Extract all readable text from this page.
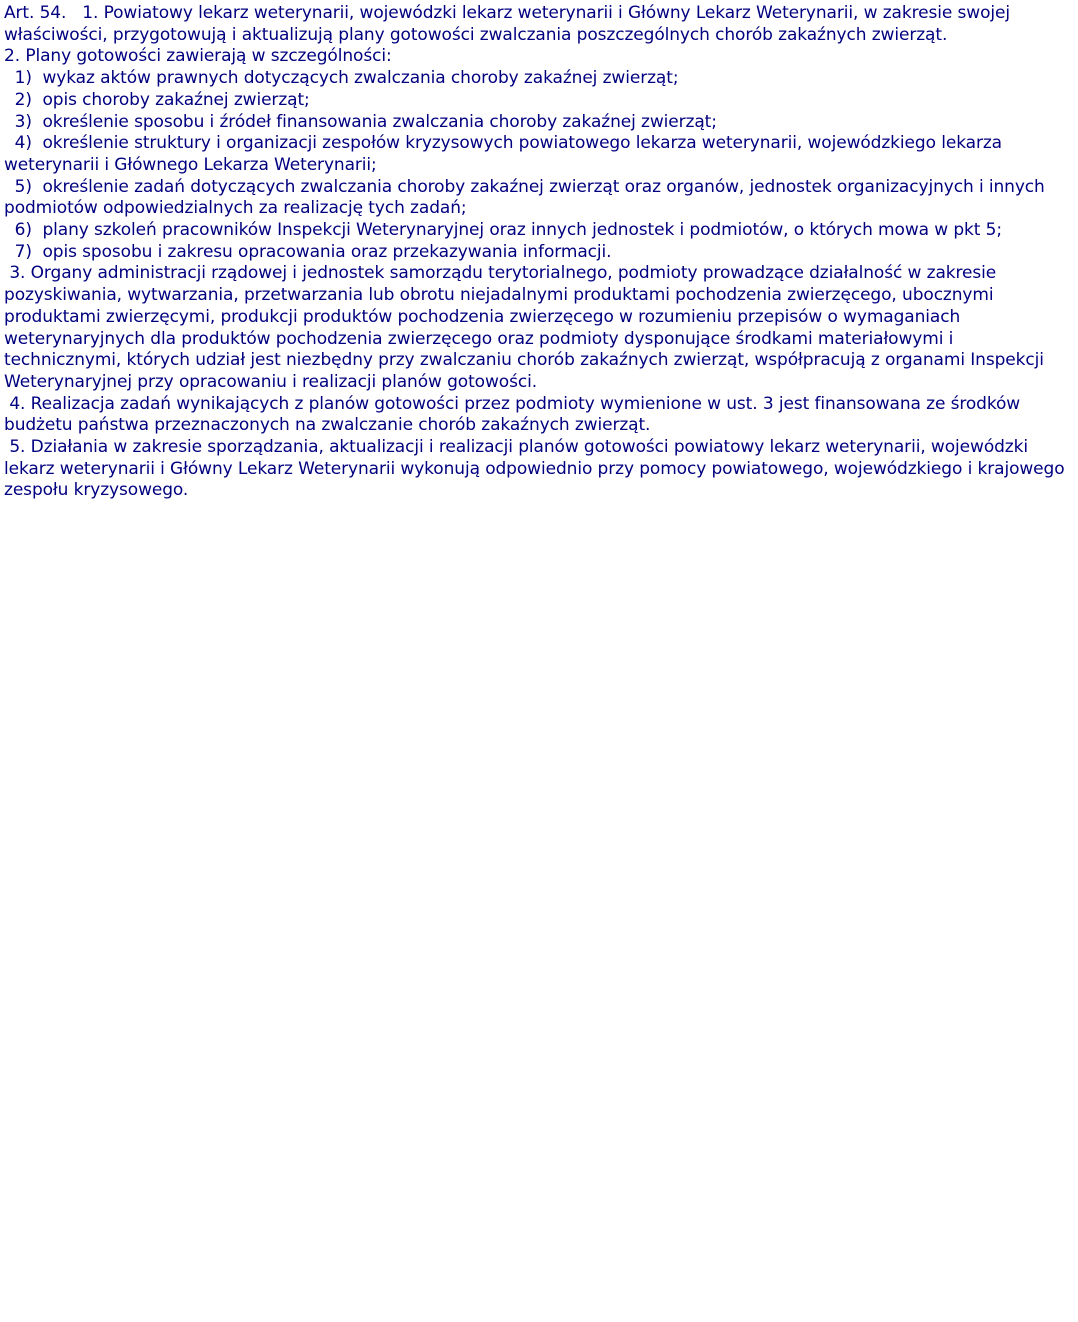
Art. 54.   1. Powiatowy lekarz weterynarii, wojewódzki lekarz weterynarii i Główny Lekarz Weterynarii, w zakresie swojej właściwości, przygotowują i aktualizują plany gotowości zwalczania poszczególnych chorób zakaźnych zwierząt.

2. Plany gotowości zawierają w szczególności:

1)  wykaz aktów prawnych dotyczących zwalczania choroby zakaźnej zwierząt;

2)  opis choroby zakaźnej zwierząt;

3)  określenie sposobu i źródeł finansowania zwalczania choroby zakaźnej zwierząt;

4)  określenie struktury i organizacji zespołów kryzysowych powiatowego lekarza weterynarii, wojewódzkiego lekarza weterynarii i Głównego Lekarza Weterynarii;

5)  określenie zadań dotyczących zwalczania choroby zakaźnej zwierząt oraz organów, jednostek organizacyjnych i innych podmiotów odpowiedzialnych za realizację tych zadań;

6)  plany szkoleń pracowników Inspekcji Weterynaryjnej oraz innych jednostek i podmiotów, o których mowa w pkt 5;

7)  opis sposobu i zakresu opracowania oraz przekazywania informacji.

3. Organy administracji rządowej i jednostek samorządu terytorialnego, podmioty prowadzące działalność w zakresie pozyskiwania, wytwarzania, przetwarzania lub obrotu niejadalnymi produktami pochodzenia zwierzęcego, ubocznymi produktami zwierzęcymi, produkcji produktów pochodzenia zwierzęcego w rozumieniu przepisów o wymaganiach weterynaryjnych dla produktów pochodzenia zwierzęcego oraz podmioty dysponujące środkami materiałowymi i technicznymi, których udział jest niezbędny przy zwalczaniu chorób zakaźnych zwierząt, współpracują z organami Inspekcji Weterynaryjnej przy opracowaniu i realizacji planów gotowości.

4. Realizacja zadań wynikających z planów gotowości przez podmioty wymienione w ust. 3 jest finansowana ze środków budżetu państwa przeznaczonych na zwalczanie chorób zakaźnych zwierząt.

5. Działania w zakresie sporządzania, aktualizacji i realizacji planów gotowości powiatowy lekarz weterynarii, wojewódzki lekarz weterynarii i Główny Lekarz Weterynarii wykonują odpowiednio przy pomocy powiatowego, wojewódzkiego i krajowego zespołu kryzysowego.
